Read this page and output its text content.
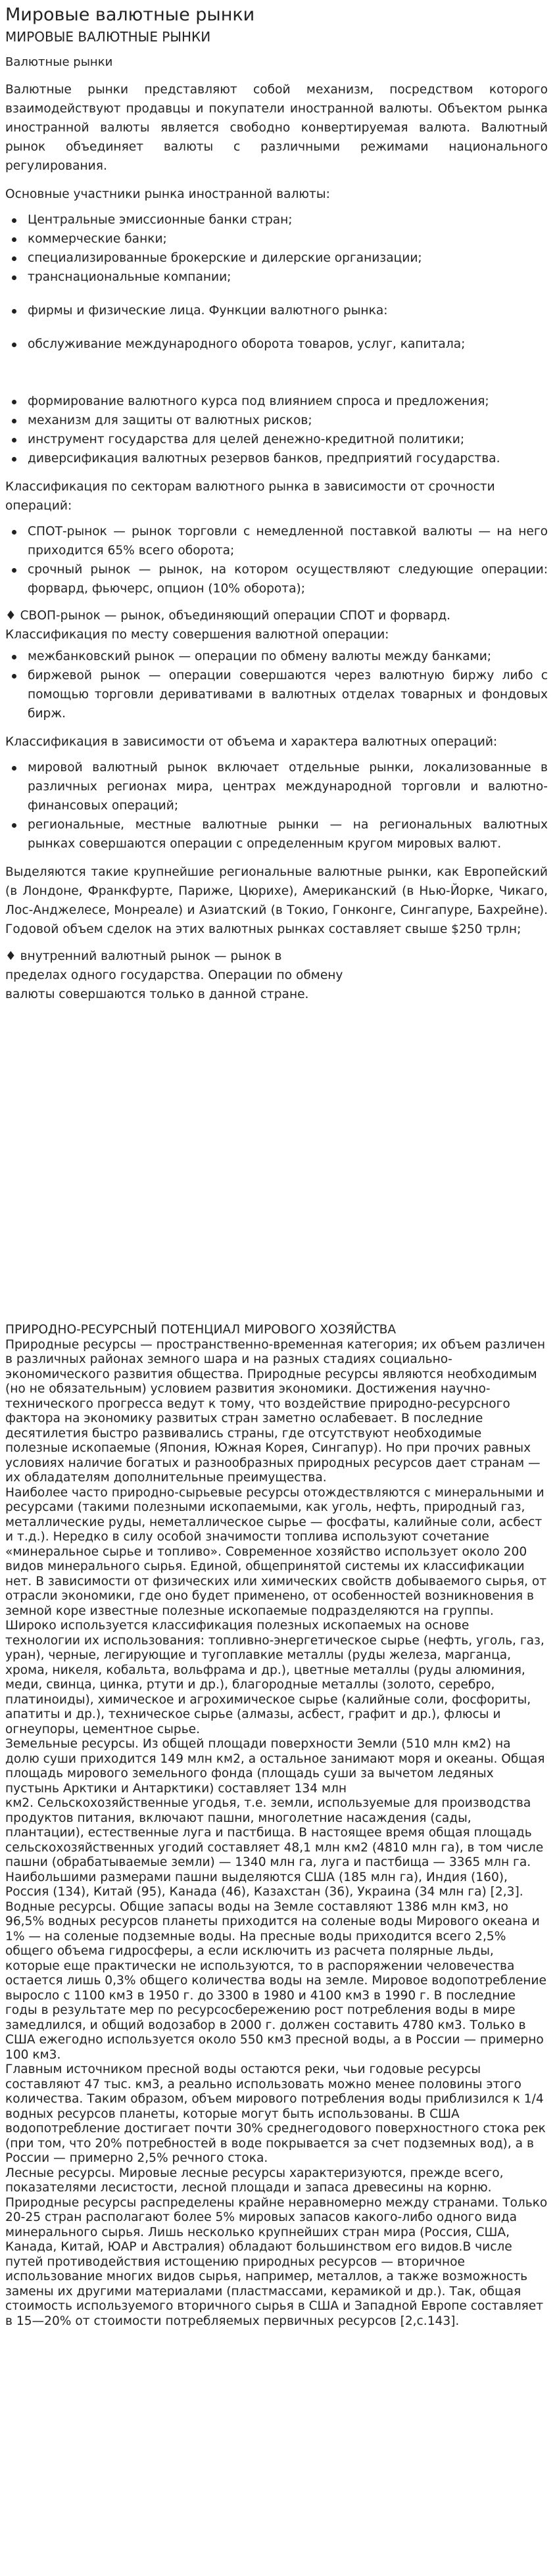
Мировые валютные рынки
МИРОВЫЕ ВАЛЮТНЫЕ РЫНКИ
Валютные рынки

Валютные рынки представляют собой механизм, посредством которого взаимодействуют продавцы и покупатели иностранной валюты. Объектом рынка иностранной валюты является свободно конвертируемая валюта. Валютный рынок объединяет валюты с различными режимами национального регулирования.

Основные участники рынка иностранной валюты:

Центральные эмиссионные банки стран;
коммерческие банки;
специализированные брокерские и дилерские организации;
транснациональные компании;
фирмы и физические лица. Функции валютного рынка:
обслуживание международного оборота товаров, услуг, капитала;
формирование валютного курса под влиянием спроса и предложения;
механизм для защиты от валютных рисков;
инструмент государства для целей денежно-кредитной политики;
диверсификация валютных резервов банков, предприятий государства.

Классификация по секторам валютного рынка в зависимости от срочности операций:

СПОТ-рынок — рынок торговли с немедленной поставкой валюты — на него приходится 65% всего оборота;
срочный рынок — рынок, на котором осуществляют следующие операции: форвард, фьючерс, опцион (10% оборота);

♦ СВОП-рынок — рынок, объединяющий операции СПОТ и форвард.

Классификация по месту совершения валютной операции:

межбанковский рынок — операции по обмену валюты между банками;
биржевой рынок — операции совершаются через валютную биржу либо с помощью торговли деривативами в валютных отделах товарных и фондовых бирж.

Классификация в зависимости от объема и характера валютных операций:

мировой валютный рынок включает отдельные рынки, локализованные в различных регионах мира, центрах международной торговли и валютно-финансовых операций;
региональные, местные валютные рынки — на региональных валютных рынках совершаются операции с определенным кругом мировых валют.

Выделяются такие крупнейшие региональные валютные рынки, как Европейский (в Лондоне, Франкфурте, Париже, Цюрихе), Американский (в Нью-Йорке, Чикаго, Лос-Анджелесе, Монреале) и Азиатский (в Токио, Гонконге, Сингапуре, Бахрейне). Годовой объем сделок на этих валютных рынках составляет свыше $250 трлн;

♦ внутренний валютный рынок — рынок в пределах одного государства. Операции по обмену валюты совершаются только в данной стране.

ПРИРОДНО-РЕСУРСНЫЙ ПОТЕНЦИАЛ МИРОВОГО ХОЗЯЙСТВА

Природные ресурсы — пространственно-временная категория; их объем различен в различных районах земного шара и на разных стадиях социально-экономического развития общества. Природные ресурсы являются необходимым (но не обязательным) условием развития экономики. Достижения научно-технического прогресса ведут к тому, что воздействие природно-ресурсного фактора на экономику развитых стран заметно ослабевает. В последние десятилетия быстро развивались страны, где отсутствуют необходимые полезные ископаемые (Япония, Южная Корея, Сингапур). Но при прочих равных условиях наличие богатых и разнообразных природных ресурсов дает странам — их обладателям дополнительные преимущества.

Наиболее часто природно-сырьевые ресурсы отождествляются с минеральными и ресурсами (такими полезными ископаемыми, как уголь, нефть, природный газ, металлические руды, неметаллическое сырье — фосфаты, калийные соли, асбест и т.д.). Нередко в силу особой значимости топлива используют сочетание «минеральное сырье и топливо». Современное хозяйство использует около 200 видов минерального сырья. Единой, общепринятой системы их классификации нет. В зависимости от физических или химических свойств добываемого сырья, от отрасли экономики, где оно будет применено, от особенностей возникновения в земной коре известные полезные ископаемые подразделяются на группы.

Широко используется классификация полезных ископаемых на основе технологии их использования: топливно-энергетическое сырье (нефть, уголь, газ, уран), черные, легирующие и тугоплавкие металлы (руды железа, марганца, хрома, никеля, кобальта, вольфрама и др.), цветные металлы (руды алюминия, меди, свинца, цинка, ртути и др.), благородные металлы (золото, серебро, платиноиды), химическое и агрохимическое сырье (калийные соли, фосфориты, апатиты и др.), техническое сырье (алмазы, асбест, графит и др.), флюсы и огнеупоры, цементное сырье.

Земельные ресурсы. Из общей площади поверхности Земли (510 млн км2) на долю суши приходится 149 млн км2, а остальное занимают моря и океаны. Общая площадь мирового земельного фонда (площадь суши за вычетом ледяных пустынь Арктики и Антарктики) составляет 134 млн

км2. Сельскохозяйственные угодья, т.е. земли, используемые для производства продуктов питания, включают пашни, многолетние насаждения (сады, плантации), естественные луга и пастбища. В настоящее время общая площадь сельскохозяйственных угодий составляет 48,1 млн км2 (4810 млн га), в том числе пашни (обрабатываемые земли) — 1340 млн га, луга и пастбища — 3365 млн га. Наибольшими размерами пашни выделяются США (185 млн га), Индия (160), Россия (134), Китай (95), Канада (46), Казахстан (36), Украина (34 млн га) [2,3].

Водные ресурсы. Общие запасы воды на Земле составляют 1386 млн км3, но 96,5% водных ресурсов планеты приходится на соленые воды Мирового океана и 1% — на соленые подземные воды. На пресные воды приходится всего 2,5% общего объема гидросферы, а если исключить из расчета полярные льды, которые еще практически не используются, то в распоряжении человечества остается лишь 0,3% общего количества воды на земле. Мировое водопотребление выросло с 1100 км3 в 1950 г. до 3300 в 1980 и 4100 км3 в 1990 г. В последние годы в результате мер по ресурсосбережению рост потребления воды в мире замедлился, и общий водозабор в 2000 г. должен составить 4780 км3. Только в США ежегодно используется около 550 км3 пресной воды, а в России — примерно 100 км3.

Главным источником пресной воды остаются реки, чьи годовые ресурсы составляют 47 тыс. км3, а реально использовать можно менее половины этого количества. Таким образом, объем мирового потребления воды приблизился к 1/4 водных ресурсов планеты, которые могут быть использованы. В США водопотребление достигает почти 30% среднегодового поверхностного стока рек (при том, что 20% потребностей в воде покрывается за счет подземных вод), а в России — примерно 2,5% речного стока.

Лесные ресурсы. Мировые лесные ресурсы характеризуются, прежде всего, показателями лесистости, лесной площади и запаса древесины на корню.

Природные ресурсы распределены крайне неравномерно между странами. Только 20-25 стран располагают более 5% мировых запасов какого-либо одного вида минерального сырья. Лишь несколько крупнейших стран мира (Россия, США, Канада, Китай, ЮАР и Австралия) обладают большинством его видов.В числе путей противодействия истощению природных ресурсов — вторичное использование многих видов сырья, например, металлов, а также возможность замены их другими материалами (пластмассами, керамикой и др.). Так, общая стоимость используемого вторичного сырья в США и Западной Европе составляет в 15—20% от стоимости потребляемых первичных ресурсов [2,с.143].
